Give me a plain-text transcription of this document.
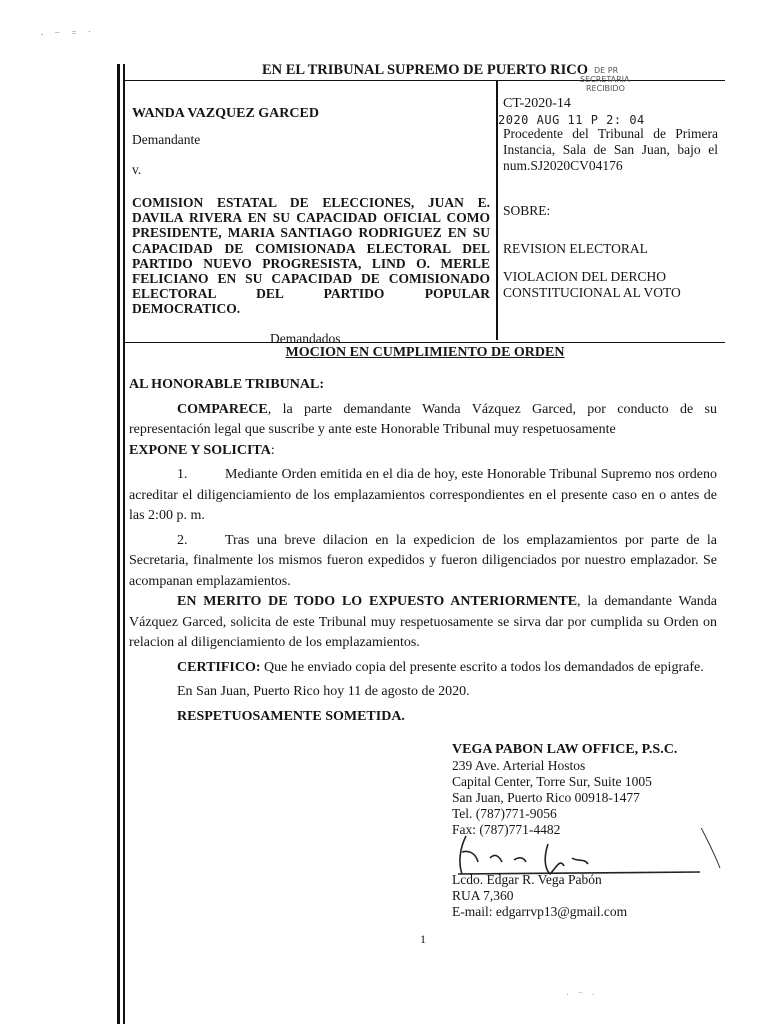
· ⁻ ⁼ ˙
EN EL TRIBUNAL SUPREMO DE PUERTO RICO DE PR
SECRETARIA
RECIBIDO
WANDA VAZQUEZ GARCED
Demandante
v.
COMISION ESTATAL DE ELECCIONES, JUAN E. DAVILA RIVERA EN SU CAPACIDAD OFICIAL COMO PRESIDENTE, MARIA SANTIAGO RODRIGUEZ EN SU CAPACIDAD DE COMISIONADA ELECTORAL DEL PARTIDO NUEVO PROGRESISTA, LIND O. MERLE FELICIANO EN SU CAPACIDAD DE COMISIONADO ELECTORAL DEL PARTIDO POPULAR DEMOCRATICO.
Demandados
CT-2020-14
Procedente del Tribunal de Primera Instancia, Sala de San Juan, bajo el num.SJ2020CV04176
SOBRE:
REVISION ELECTORAL
VIOLACION DEL DERCHO CONSTITUCIONAL AL VOTO
2020 AUG 11 P 2: 04
MOCION EN CUMPLIMIENTO DE ORDEN

AL HONORABLE TRIBUNAL:

COMPARECE, la parte demandante Wanda Vázquez Garced, por conducto de su representación legal que suscribe y ante este Honorable Tribunal muy respetuosamente

EXPONE Y SOLICITA:

1.	Mediante Orden emitida en el dia de hoy, este Honorable Tribunal Supremo nos ordeno acreditar el diligenciamiento de los emplazamientos correspondientes en el presente caso en o antes de las 2:00 p. m.

2.	Tras una breve dilacion en la expedicion de los emplazamientos por parte de la Secretaria, finalmente los mismos fueron expedidos y fueron diligenciados por nuestro emplazador. Se acompanan emplazamientos.

EN MERITO DE TODO LO EXPUESTO ANTERIORMENTE, la demandante Wanda Vázquez Garced, solicita de este Tribunal muy respetuosamente se sirva dar por cumplida su Orden on relacion al diligenciamiento de los emplazamientos.

CERTIFICO: Que he enviado copia del presente escrito a todos los demandados de epigrafe.

En San Juan, Puerto Rico hoy 11 de agosto de 2020.

RESPETUOSAMENTE SOMETIDA.

VEGA PABON LAW OFFICE, P.S.C.
239 Ave. Arterial Hostos
Capital Center, Torre Sur, Suite 1005
San Juan, Puerto Rico 00918-1477
Tel. (787)771-9056
Fax: (787)771-4482
Lcdo. Edgar R. Vega Pabón
RUA 7,360
E-mail: edgarrvp13@gmail.com
1
· ⁻ ·
